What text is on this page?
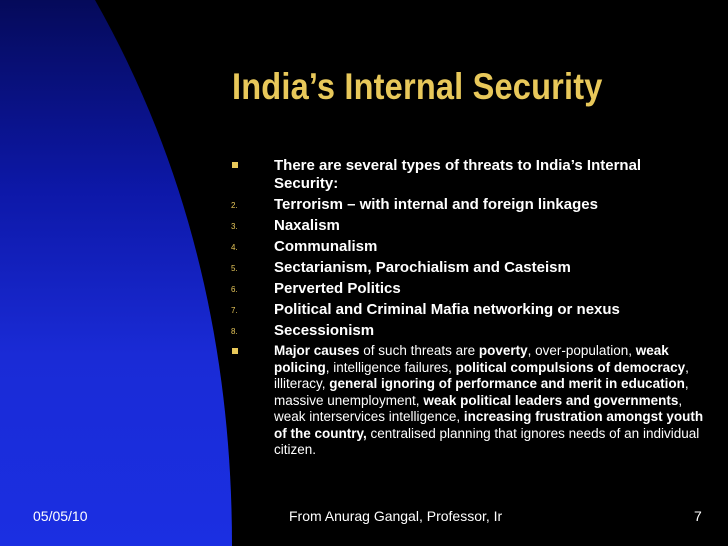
India’s Internal Security
There are several types of threats to India’s Internal Security:
2. Terrorism – with internal and foreign linkages
3. Naxalism
4. Communalism
5. Sectarianism, Parochialism and Casteism
6. Perverted Politics
7. Political and Criminal Mafia networking or nexus
8. Secessionism
Major causes of such threats are poverty, over-population, weak policing, intelligence failures, political compulsions of democracy, illiteracy, general ignoring of performance and merit in education, massive unemployment, weak political leaders and governments, weak interservices intelligence, increasing frustration amongst youth of the country, centralised planning that ignores needs of an individual citizen.
05/05/10	From Anurag Gangal, Professor, Ir	7
